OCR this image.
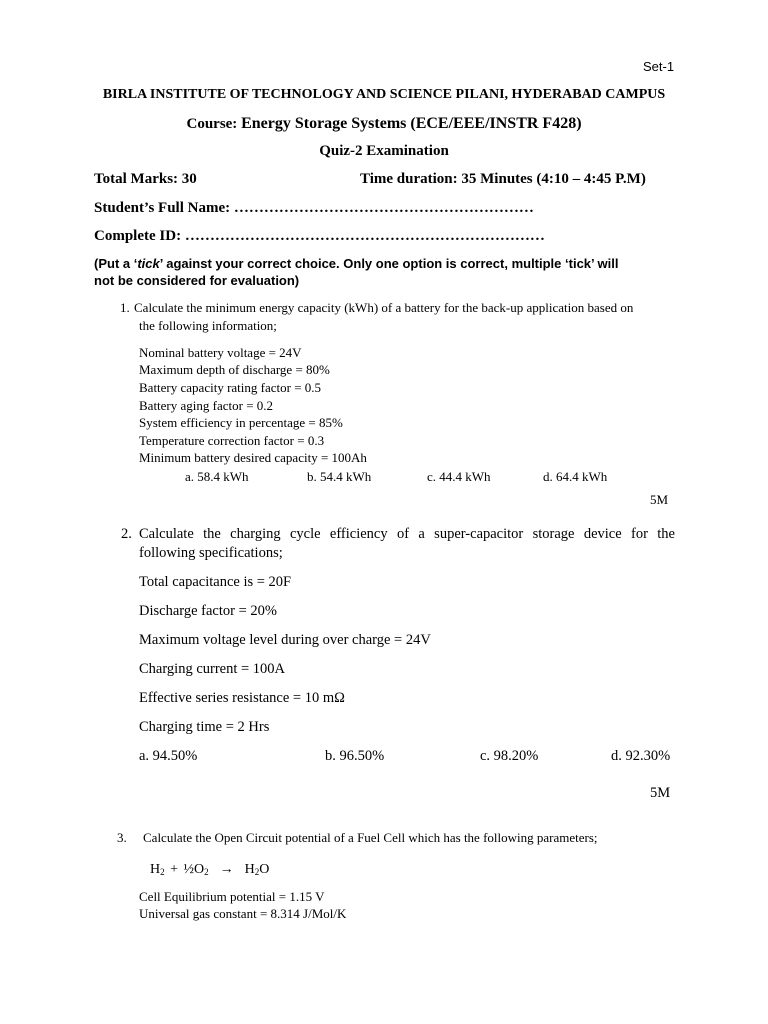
Set-1
BIRLA INSTITUTE OF TECHNOLOGY AND SCIENCE PILANI, HYDERABAD CAMPUS
Course: Energy Storage Systems (ECE/EEE/INSTR F428)
Quiz-2 Examination
Total Marks: 30	Time duration: 35 Minutes (4:10 – 4:45 P.M)
Student’s Full Name: ……………………………………………………
Complete ID: ………………………………………………………………
(Put a ‘tick’ against your correct choice. Only one option is correct, multiple ‘tick’ will
not be considered for evaluation)
1. Calculate the minimum energy capacity (kWh) of a battery for the back-up application based on
the following information;
Nominal battery voltage = 24V
Maximum depth of discharge = 80%
Battery capacity rating factor = 0.5
Battery aging factor = 0.2
System efficiency in percentage = 85%
Temperature correction factor = 0.3
Minimum battery desired capacity = 100Ah
a. 58.4 kWh	b. 54.4 kWh	c. 44.4 kWh	d. 64.4 kWh
5M
2. Calculate the charging cycle efficiency of a super-capacitor storage device for the
following specifications;
Total capacitance is = 20F
Discharge factor = 20%
Maximum voltage level during over charge = 24V
Charging current = 100A
Effective series resistance = 10 mΩ
Charging time = 2 Hrs
a. 94.50%	b. 96.50%	c. 98.20%	d. 92.30%
5M
3. Calculate the Open Circuit potential of a Fuel Cell which has the following parameters;
$H_2$ + $\frac{1}{2}O_2 \to H_2O$
Cell Equilibrium potential = 1.15 V
Universal gas constant = 8.314 J/Mol/K
